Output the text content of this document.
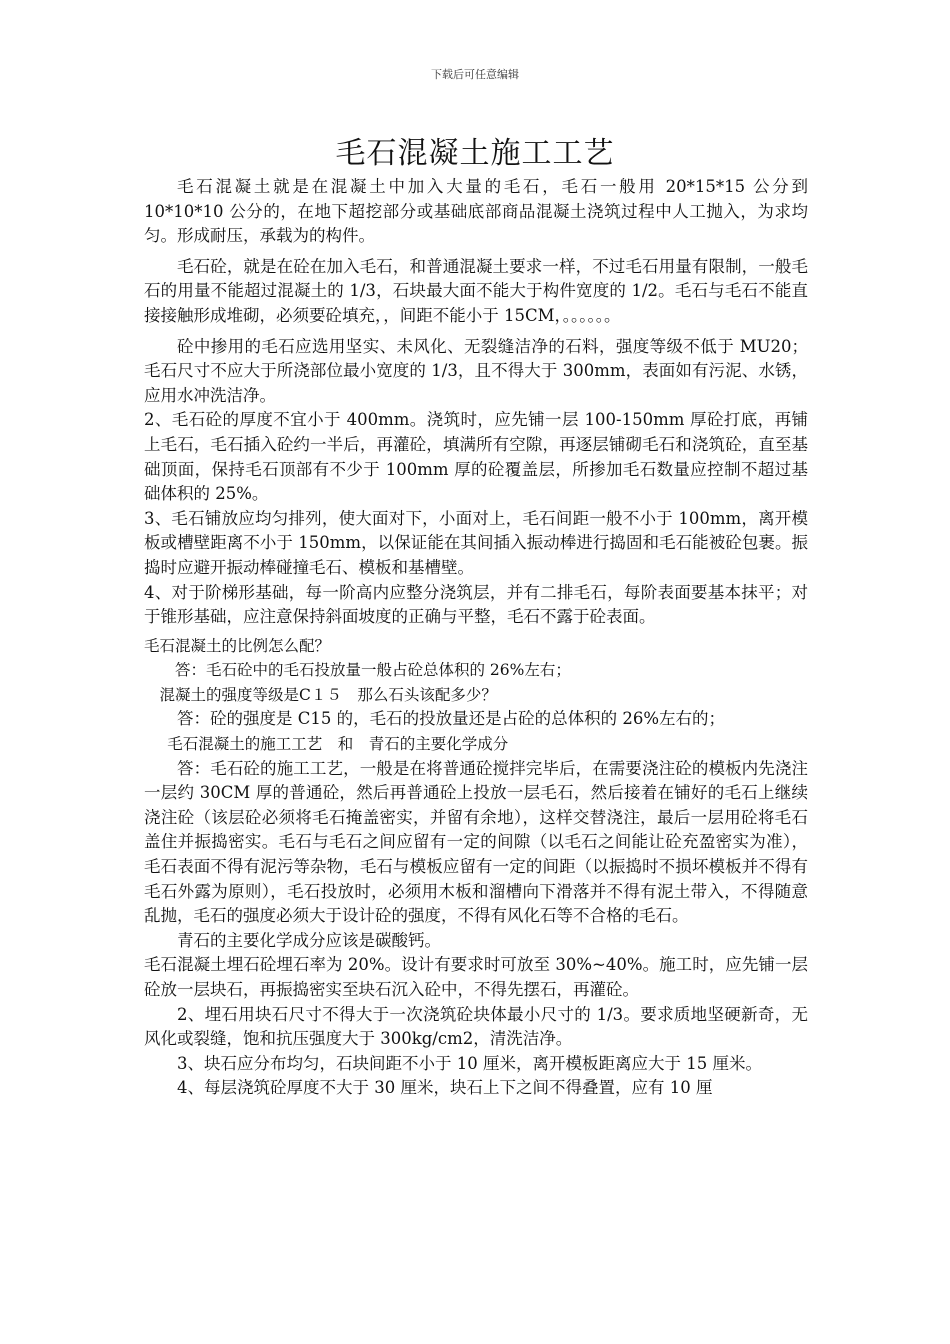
下载后可任意编辑
毛石混凝土施工工艺

毛石混凝土就是在混凝土中加入大量的毛石，毛石一般用 20*15*15 公分到 10*10*10 公分的，在地下超挖部分或基础底部商品混凝土浇筑过程中人工抛入，为求均匀。形成耐压，承载为的构件。

毛石砼，就是在砼在加入毛石，和普通混凝土要求一样，不过毛石用量有限制，一般毛石的用量不能超过混凝土的 1/3，石块最大面不能大于构件宽度的 1/2。毛石与毛石不能直接接触形成堆砌，必须要砼填充，，间距不能小于 15CM，。。。。。。

砼中掺用的毛石应选用坚实、未风化、无裂缝洁净的石料，强度等级不低于 MU20；毛石尺寸不应大于所浇部位最小宽度的 1/3，且不得大于 300mm，表面如有污泥、水锈，应用水冲洗洁净。

2、毛石砼的厚度不宜小于 400mm。浇筑时，应先铺一层 100-150mm 厚砼打底，再铺上毛石，毛石插入砼约一半后，再灌砼，填满所有空隙，再逐层铺砌毛石和浇筑砼，直至基础顶面，保持毛石顶部有不少于 100mm 厚的砼覆盖层，所掺加毛石数量应控制不超过基础体积的 25%。

3、毛石铺放应均匀排列，使大面对下，小面对上，毛石间距一般不小于 100mm，离开模板或槽壁距离不小于 150mm，以保证能在其间插入振动棒进行捣固和毛石能被砼包裹。振捣时应避开振动棒碰撞毛石、模板和基槽壁。

4、对于阶梯形基础，每一阶高内应整分浇筑层，并有二排毛石，每阶表面要基本抹平；对于锥形基础，应注意保持斜面坡度的正确与平整，毛石不露于砼表面。

毛石混凝土的比例怎么配？

答：毛石砼中的毛石投放量一般占砼总体积的 26%左右；

混凝土的强度等级是C１５　那么石头该配多少？

答：砼的强度是 C15 的，毛石的投放量还是占砼的总体积的 26%左右的；

毛石混凝土的施工工艺　和　青石的主要化学成分

答：毛石砼的施工工艺，一般是在将普通砼搅拌完毕后，在需要浇注砼的模板内先浇注一层约 30CM 厚的普通砼，然后再普通砼上投放一层毛石，然后接着在铺好的毛石上继续浇注砼（该层砼必须将毛石掩盖密实，并留有余地），这样交替浇注，最后一层用砼将毛石盖住并振捣密实。毛石与毛石之间应留有一定的间隙（以毛石之间能让砼充盈密实为准），毛石表面不得有泥污等杂物，毛石与模板应留有一定的间距（以振捣时不损坏模板并不得有毛石外露为原则），毛石投放时，必须用木板和溜槽向下滑落并不得有泥土带入，不得随意乱抛，毛石的强度必须大于设计砼的强度，不得有风化石等不合格的毛石。

青石的主要化学成分应该是碳酸钙。

毛石混凝土埋石砼埋石率为 20%。设计有要求时可放至 30%~40%。施工时，应先铺一层砼放一层块石，再振捣密实至块石沉入砼中，不得先摆石，再灌砼。

2、埋石用块石尺寸不得大于一次浇筑砼块体最小尺寸的 1/3。要求质地坚硬新奇，无风化或裂缝，饱和抗压强度大于 300kg/cm2，清洗洁净。

3、块石应分布均匀，石块间距不小于 10 厘米，离开模板距离应大于 15 厘米。

4、每层浇筑砼厚度不大于 30 厘米，块石上下之间不得叠置，应有 10 厘
